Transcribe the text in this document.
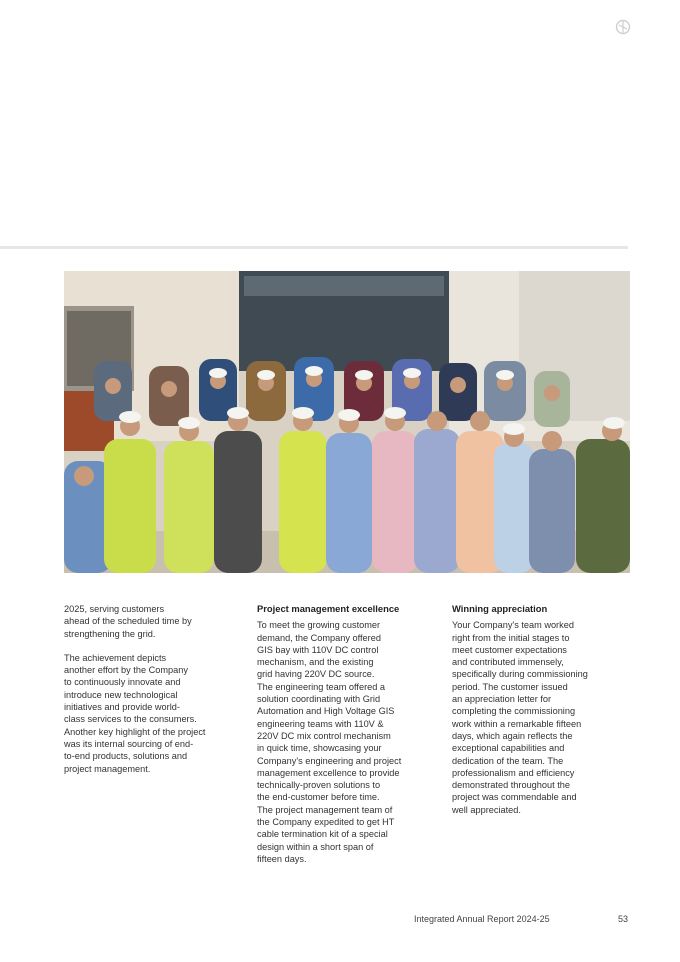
2025, serving customers
ahead of the scheduled time by
strengthening the grid.

The achievement depicts
another effort by the Company
to continuously innovate and
introduce new technological
initiatives and provide world-
class services to the consumers.
Another key highlight of the project
was its internal sourcing of end-
to-end products, solutions and
project management.

Project management excellence

To meet the growing customer
demand, the Company offered
GIS bay with 110V DC control
mechanism, and the existing
grid having 220V DC source.
The engineering team offered a
solution coordinating with Grid
Automation and High Voltage GIS
engineering teams with 110V &
220V DC mix control mechanism
in quick time, showcasing your
Company's engineering and project
management excellence to provide
technically-proven solutions to
the end-customer before time.
The project management team of
the Company expedited to get HT
cable termination kit of a special
design within a short span of
fifteen days.

Winning appreciation

Your Company's team worked
right from the initial stages to
meet customer expectations
and contributed immensely,
specifically during commissioning
period. The customer issued
an appreciation letter for
completing the commissioning
work within a remarkable fifteen
days, which again reflects the
exceptional capabilities and
dedication of the team. The
professionalism and efficiency
demonstrated throughout the
project was commendable and
well appreciated.

Integrated Annual Report 2024-25	53
